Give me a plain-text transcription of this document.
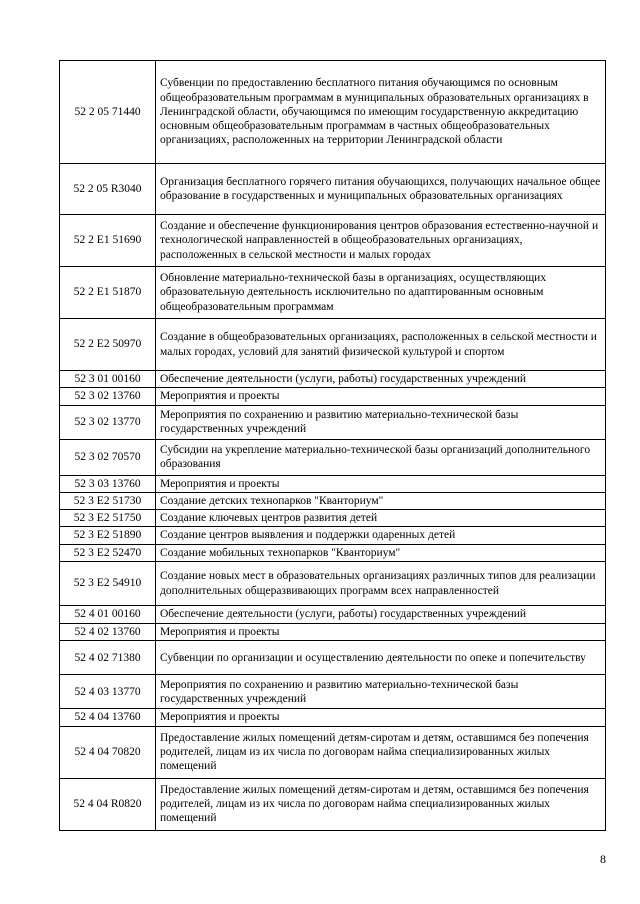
52 2 05 71440	Субвенции по предоставлению бесплатного питания обучающимся по основным общеобразовательным программам в муниципальных образовательных организациях в Ленинградской области, обучающимся по имеющим государственную аккредитацию основным общеобразовательным программам в частных общеобразовательных организациях, расположенных на территории Ленинградской области
52 2 05 R3040	Организация бесплатного горячего питания обучающихся, получающих начальное общее образование в государственных и муниципальных образовательных организациях
52 2 E1 51690	Создание и обеспечение функционирования центров образования естественно-научной и технологической направленностей в общеобразовательных организациях, расположенных в сельской местности и малых городах
52 2 E1 51870	Обновление материально-технической базы в организациях, осуществляющих образовательную деятельность исключительно по адаптированным основным общеобразовательным программам
52 2 E2 50970	Создание в общеобразовательных организациях, расположенных в сельской местности и малых городах, условий для занятий физической культурой и спортом
52 3 01 00160	Обеспечение деятельности (услуги, работы) государственных учреждений
52 3 02 13760	Мероприятия и проекты
52 3 02 13770	Мероприятия по сохранению и развитию материально-технической базы государственных учреждений
52 3 02 70570	Субсидии на укрепление материально-технической базы организаций дополнительного образования
52 3 03 13760	Мероприятия и проекты
52 3 E2 51730	Создание детских технопарков "Кванториум"
52 3 E2 51750	Создание ключевых центров развития детей
52 3 E2 51890	Создание центров выявления и поддержки одаренных детей
52 3 E2 52470	Создание мобильных технопарков "Кванториум"
52 3 E2 54910	Создание новых мест в образовательных организациях различных типов для реализации дополнительных общеразвивающих программ всех направленностей
52 4 01 00160	Обеспечение деятельности (услуги, работы) государственных учреждений
52 4 02 13760	Мероприятия и проекты
52 4 02 71380	Субвенции по организации и осуществлению деятельности по опеке и попечительству
52 4 03 13770	Мероприятия по сохранению и развитию материально-технической базы государственных учреждений
52 4 04 13760	Мероприятия и проекты
52 4 04 70820	Предоставление жилых помещений детям-сиротам и детям, оставшимся без попечения родителей, лицам из их числа по договорам найма специализированных жилых помещений
52 4 04 R0820	Предоставление жилых помещений детям-сиротам и детям, оставшимся без попечения родителей, лицам из их числа по договорам найма специализированных жилых помещений
8
